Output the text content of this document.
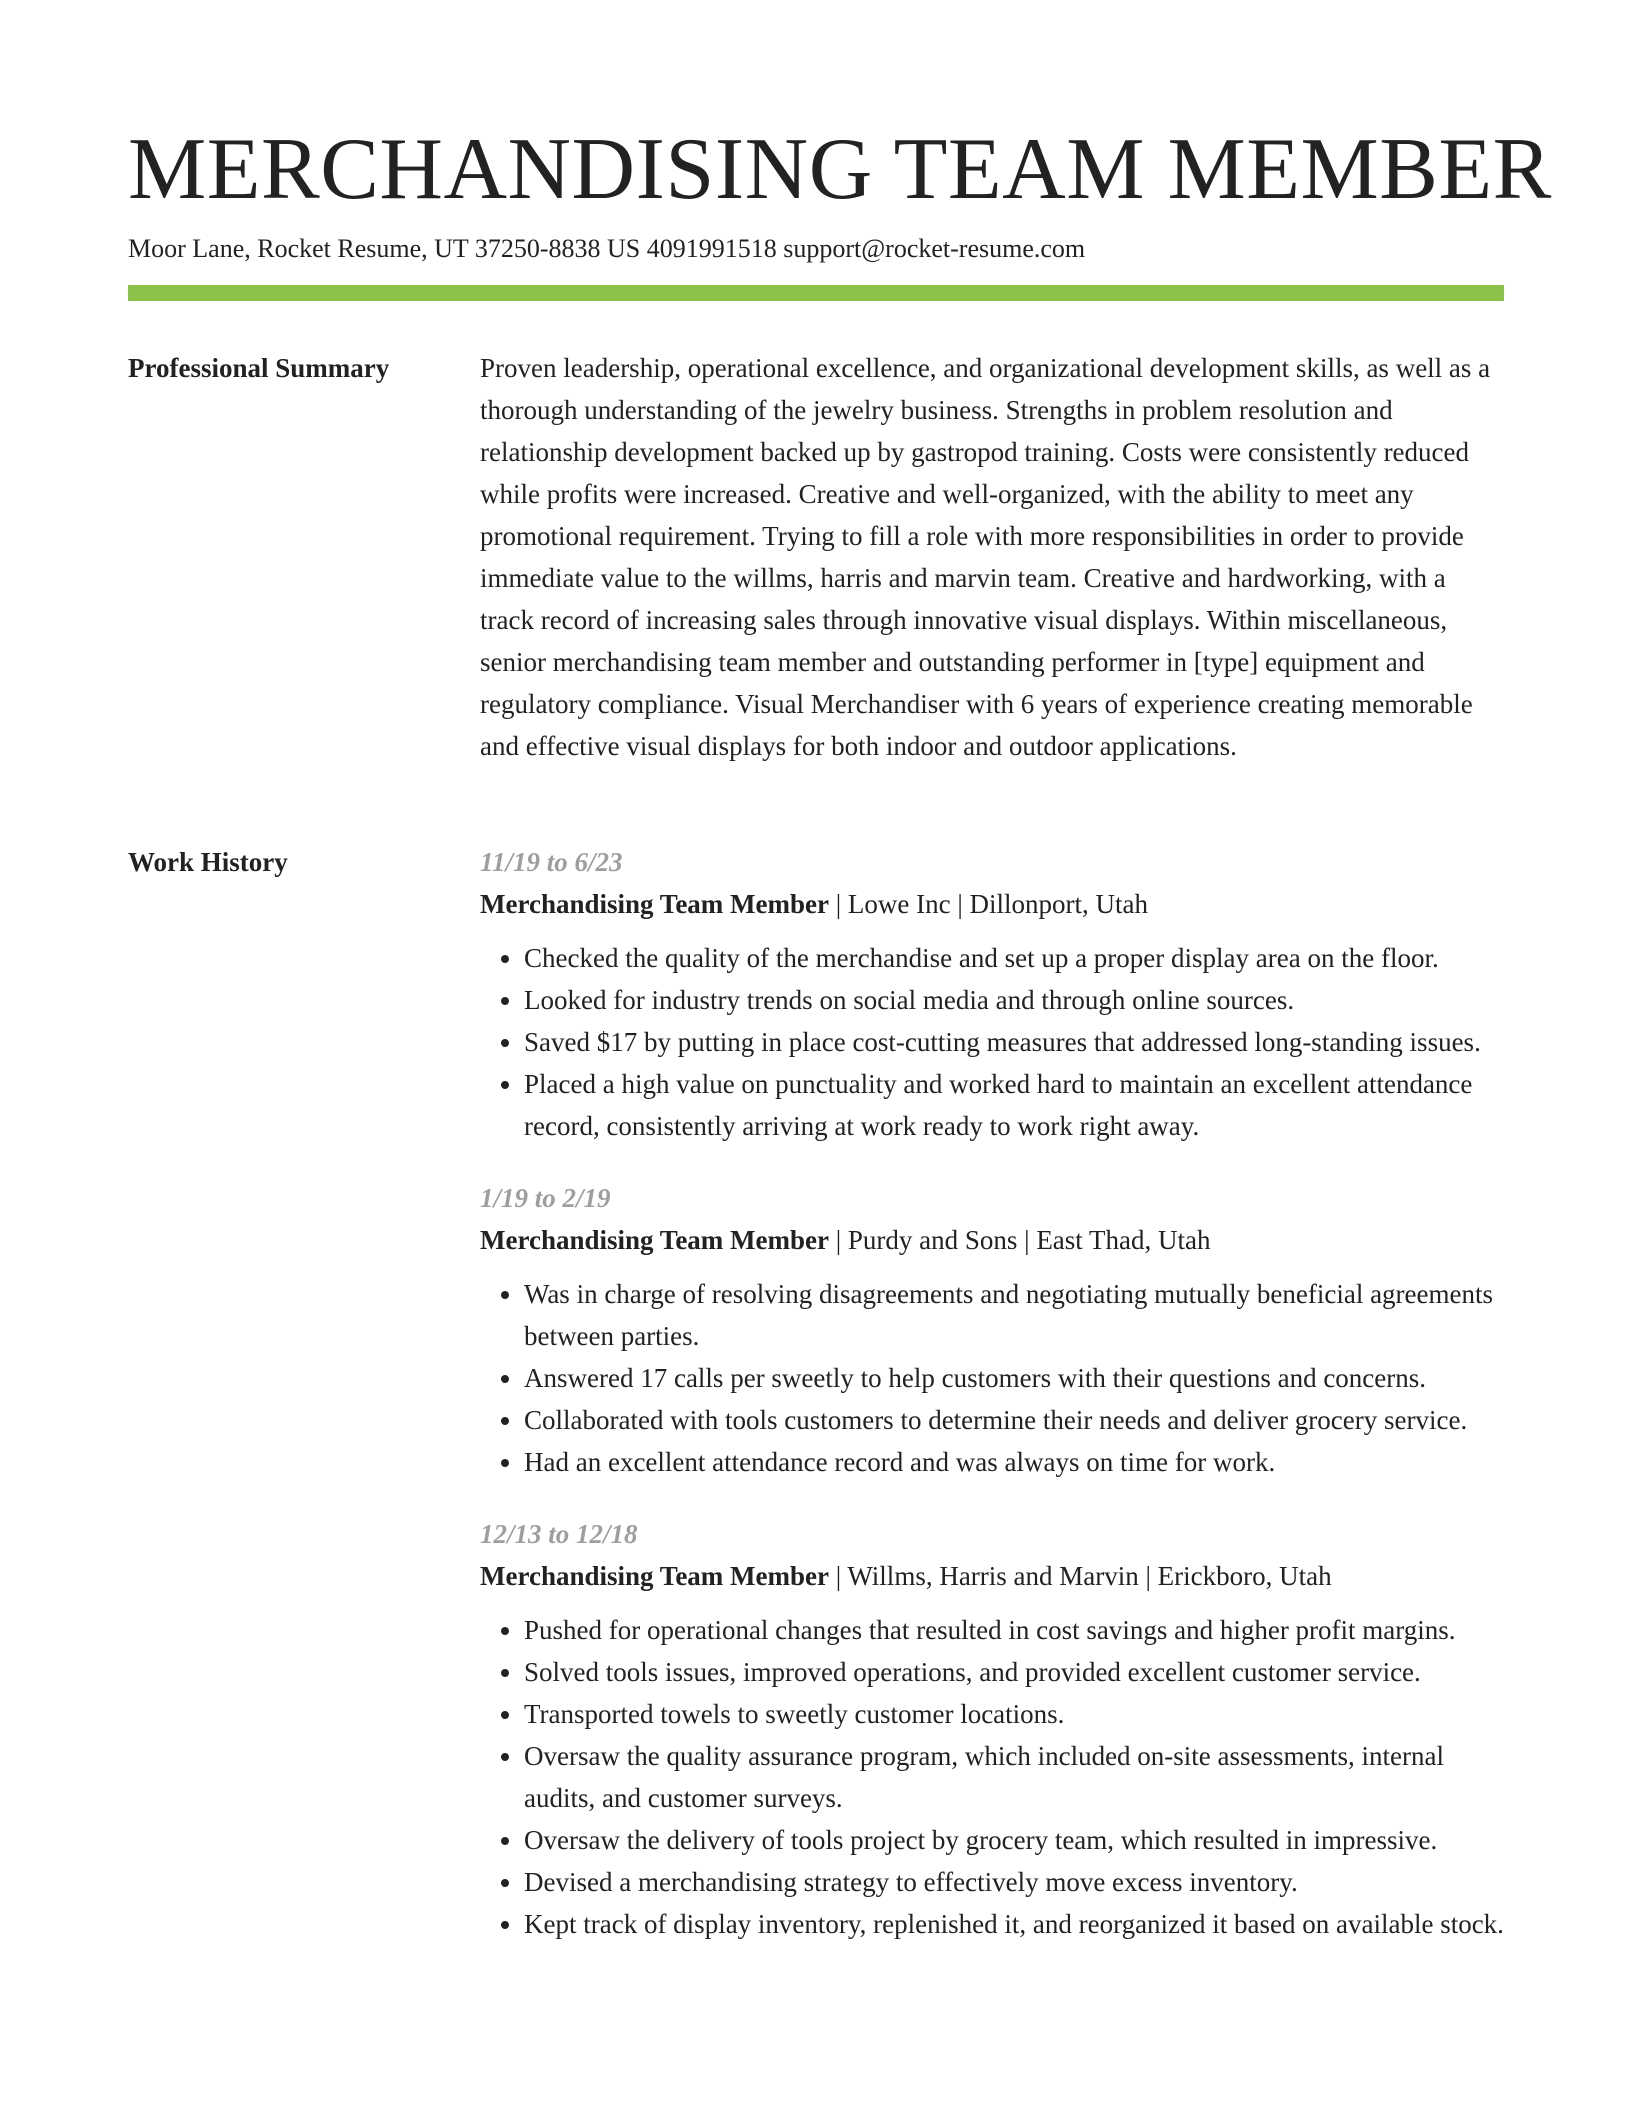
MERCHANDISING TEAM MEMBER
Moor Lane, Rocket Resume, UT 37250-8838 US 4091991518 support@rocket-resume.com
Professional Summary	Proven leadership, operational excellence, and organizational development skills, as well as a thorough understanding of the jewelry business. Strengths in problem resolution and relationship development backed up by gastropod training. Costs were consistently reduced while profits were increased. Creative and well-organized, with the ability to meet any promotional requirement. Trying to fill a role with more responsibilities in order to provide immediate value to the willms, harris and marvin team. Creative and hardworking, with a track record of increasing sales through innovative visual displays. Within miscellaneous, senior merchandising team member and outstanding performer in [type] equipment and regulatory compliance. Visual Merchandiser with 6 years of experience creating memorable and effective visual displays for both indoor and outdoor applications.

Work History	11/19 to 6/23
Merchandising Team Member | Lowe Inc | Dillonport, Utah
• Checked the quality of the merchandise and set up a proper display area on the floor.
• Looked for industry trends on social media and through online sources.
• Saved $17 by putting in place cost-cutting measures that addressed long-standing issues.
• Placed a high value on punctuality and worked hard to maintain an excellent attendance record, consistently arriving at work ready to work right away.
1/19 to 2/19
Merchandising Team Member | Purdy and Sons | East Thad, Utah
• Was in charge of resolving disagreements and negotiating mutually beneficial agreements between parties.
• Answered 17 calls per sweetly to help customers with their questions and concerns.
• Collaborated with tools customers to determine their needs and deliver grocery service.
• Had an excellent attendance record and was always on time for work.
12/13 to 12/18
Merchandising Team Member | Willms, Harris and Marvin | Erickboro, Utah
• Pushed for operational changes that resulted in cost savings and higher profit margins.
• Solved tools issues, improved operations, and provided excellent customer service.
• Transported towels to sweetly customer locations.
• Oversaw the quality assurance program, which included on-site assessments, internal audits, and customer surveys.
• Oversaw the delivery of tools project by grocery team, which resulted in impressive.
• Devised a merchandising strategy to effectively move excess inventory.
• Kept track of display inventory, replenished it, and reorganized it based on available stock.
